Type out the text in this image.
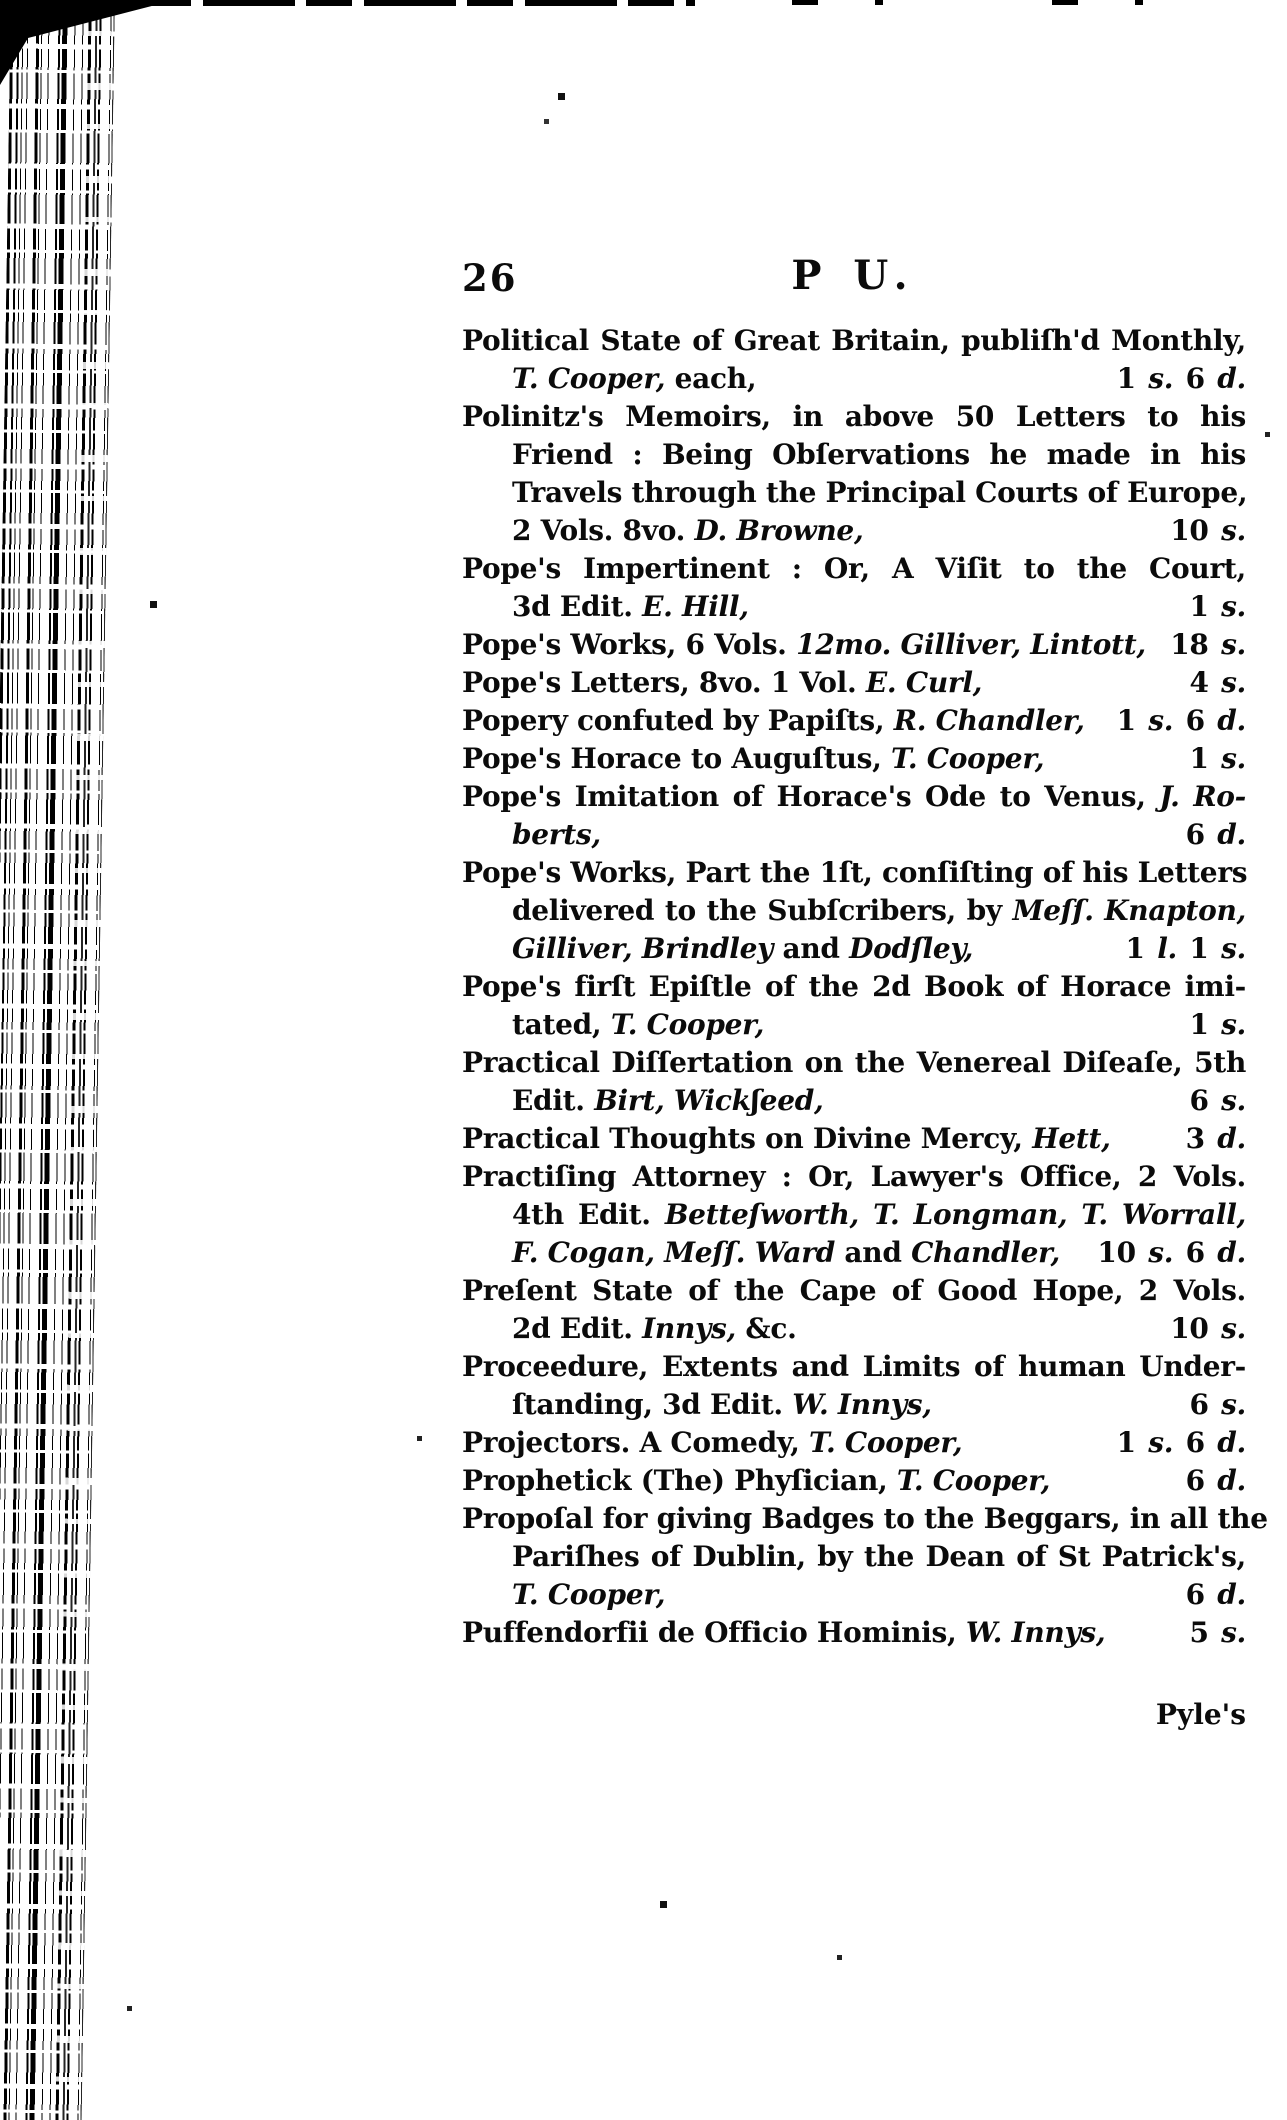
26	P U.
Political State of Great Britain, publiſh'd Monthly,
T. Cooper, each,	1 s. 6 d.
Polinitz's Memoirs, in above 50 Letters to his
Friend : Being Obſervations he made in his
Travels through the Principal Courts of Europe,
2 Vols. 8vo. D. Browne,	10 s.
Pope's Impertinent : Or, A Viſit to the Court,
3d Edit. E. Hill,	1 s.
Pope's Works, 6 Vols. 12mo. Gilliver, Lintott, 18 s.
Pope's Letters, 8vo. 1 Vol. E. Curl,	4 s.
Popery confuted by Papiſts, R. Chandler,	1 s. 6 d.
Pope's Horace to Auguſtus, T. Cooper,	1 s.
Pope's Imitation of Horace's Ode to Venus, J. Ro-
berts,	6 d.
Pope's Works, Part the 1ſt, conſiſting of his Letters
delivered to the Subſcribers, by Meſſ. Knapton,
Gilliver, Brindley and Dodſley,	1 l. 1 s.
Pope's firſt Epiſtle of the 2d Book of Horace imi-
tated, T. Cooper,	1 s.
Practical Diſſertation on the Venereal Diſeaſe, 5th
Edit. Birt, Wickʃeed,	6 s.
Practical Thoughts on Divine Mercy, Hett,	3 d.
Practiſing Attorney : Or, Lawyer's Office, 2 Vols.
4th Edit. Betteſworth, T. Longman, T. Worrall,
F. Cogan, Meſſ. Ward and Chandler,	10 s. 6 d.
Preſent State of the Cape of Good Hope, 2 Vols.
2d Edit. Innys, &c.	10 s.
Proceedure, Extents and Limits of human Under-
ſtanding, 3d Edit. W. Innys,	6 s.
Projectors. A Comedy, T. Cooper,	1 s. 6 d.
Prophetick (The) Phyſician, T. Cooper,	6 d.
Propoſal for giving Badges to the Beggars, in all the
Pariſhes of Dublin, by the Dean of St Patrick's,
T. Cooper,	6 d.
Puffendorfii de Officio Hominis, W. Innys,	5 s.
Pyle's
